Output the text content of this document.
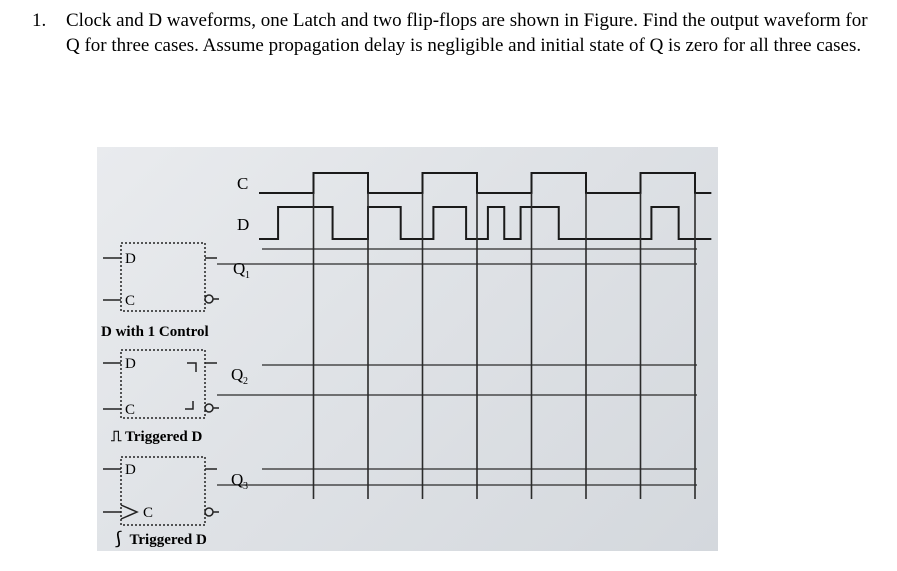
1. Clock and D waveforms, one Latch and two flip-flops are shown in Figure. Find the output waveform for Q for three cases. Assume propagation delay is negligible and initial state of Q is zero for all three cases.
C
D
D
C
Q 1
D with 1 Control
D
C
Q 2
⎍ Triggered D
D
C
Q 3
⎰ Triggered D
